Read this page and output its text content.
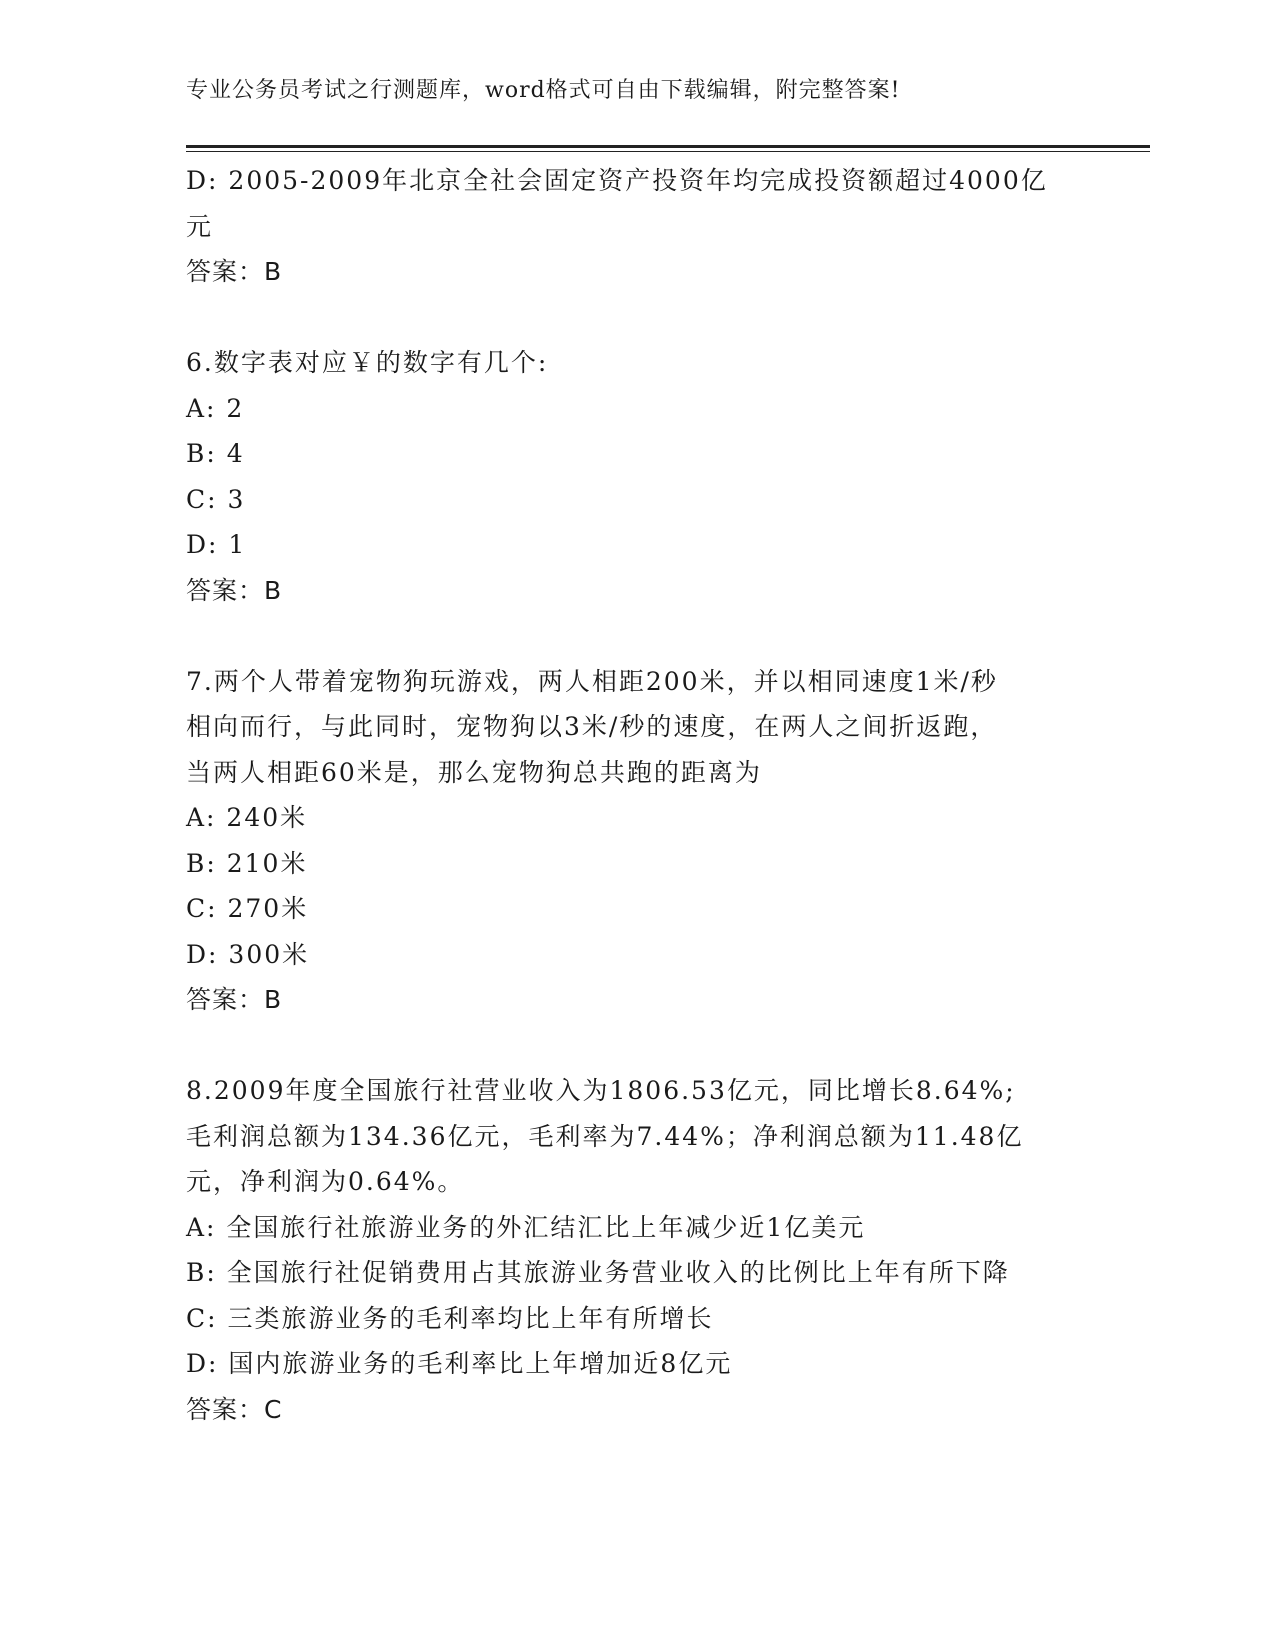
专业公务员考试之行测题库，word格式可自由下载编辑，附完整答案!
D: 2005-2009年北京全社会固定资产投资年均完成投资额超过4000亿
元
答案：B
6.数字表对应￥的数字有几个:
A: 2
B: 4
C: 3
D: 1
答案：B
7.两个人带着宠物狗玩游戏，两人相距200米，并以相同速度1米/秒
相向而行，与此同时，宠物狗以3米/秒的速度，在两人之间折返跑，
当两人相距60米是，那么宠物狗总共跑的距离为
A: 240米
B: 210米
C: 270米
D: 300米
答案：B
8.2009年度全国旅行社营业收入为1806.53亿元，同比增长8.64%;
毛利润总额为134.36亿元，毛利率为7.44%；净利润总额为11.48亿
元，净利润为0.64%。
A: 全国旅行社旅游业务的外汇结汇比上年减少近1亿美元
B: 全国旅行社促销费用占其旅游业务营业收入的比例比上年有所下降
C: 三类旅游业务的毛利率均比上年有所增长
D: 国内旅游业务的毛利率比上年增加近8亿元
答案：C
